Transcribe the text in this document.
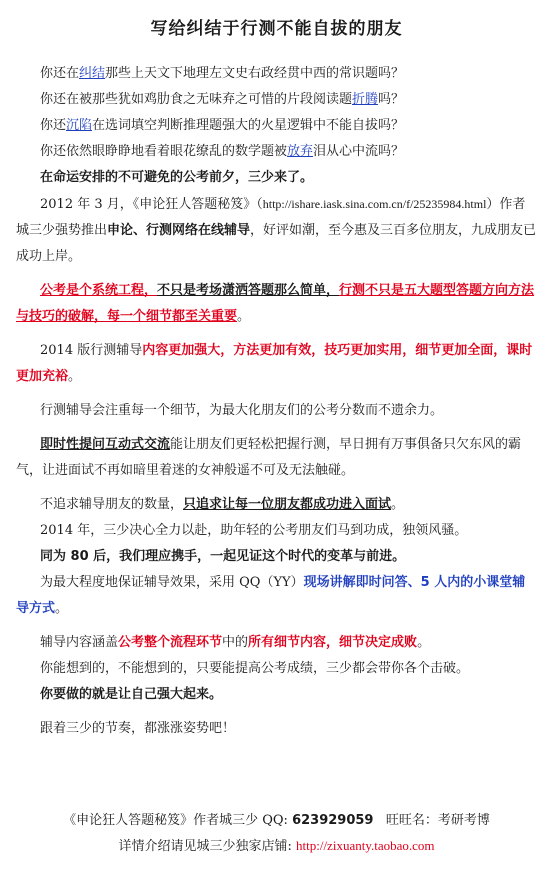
写给纠结于行测不能自拔的朋友

你还在纠结那些上天文下地理左文史右政经贯中西的常识题吗？

你还在被那些犹如鸡肋食之无味弃之可惜的片段阅读题折腾吗？

你还沉陷在选词填空判断推理题强大的火星逻辑中不能自拔吗？

你还依然眼睁睁地看着眼花缭乱的数学题被放弃泪从心中流吗？

在命运安排的不可避免的公考前夕，三少来了。

2012 年 3 月，《申论狂人答题秘笈》（http://ishare.iask.sina.com.cn/f/25235984.html）作者城三少强势推出申论、行测网络在线辅导，好评如潮，至今惠及三百多位朋友，九成朋友已成功上岸。

公考是个系统工程，不只是考场潇洒答题那么简单，行测不只是五大题型答题方向方法与技巧的破解，每一个细节都至关重要。

2014 版行测辅导内容更加强大，方法更加有效，技巧更加实用，细节更加全面，课时更加充裕。

行测辅导会注重每一个细节，为最大化朋友们的公考分数而不遗余力。

即时性提问互动式交流能让朋友们更轻松把握行测，早日拥有万事俱备只欠东风的霸气，让进面试不再如暗里着迷的女神般遥不可及无法触碰。

不追求辅导朋友的数量，只追求让每一位朋友都成功进入面试。

2014 年，三少决心全力以赴，助年轻的公考朋友们马到功成，独领风骚。

同为 80 后，我们理应携手，一起见证这个时代的变革与前进。

为最大程度地保证辅导效果，采用 QQ（YY）现场讲解即时问答、5 人内的小课堂辅导方式。

辅导内容涵盖公考整个流程环节中的所有细节内容，细节决定成败。

你能想到的，不能想到的，只要能提高公考成绩，三少都会带你各个击破。

你要做的就是让自己强大起来。

跟着三少的节奏，都涨涨姿势吧！

《申论狂人答题秘笈》作者城三少 QQ: 623929059 旺旺名：考研考博
详情介绍请见城三少独家店铺: http://zixuanty.taobao.com
